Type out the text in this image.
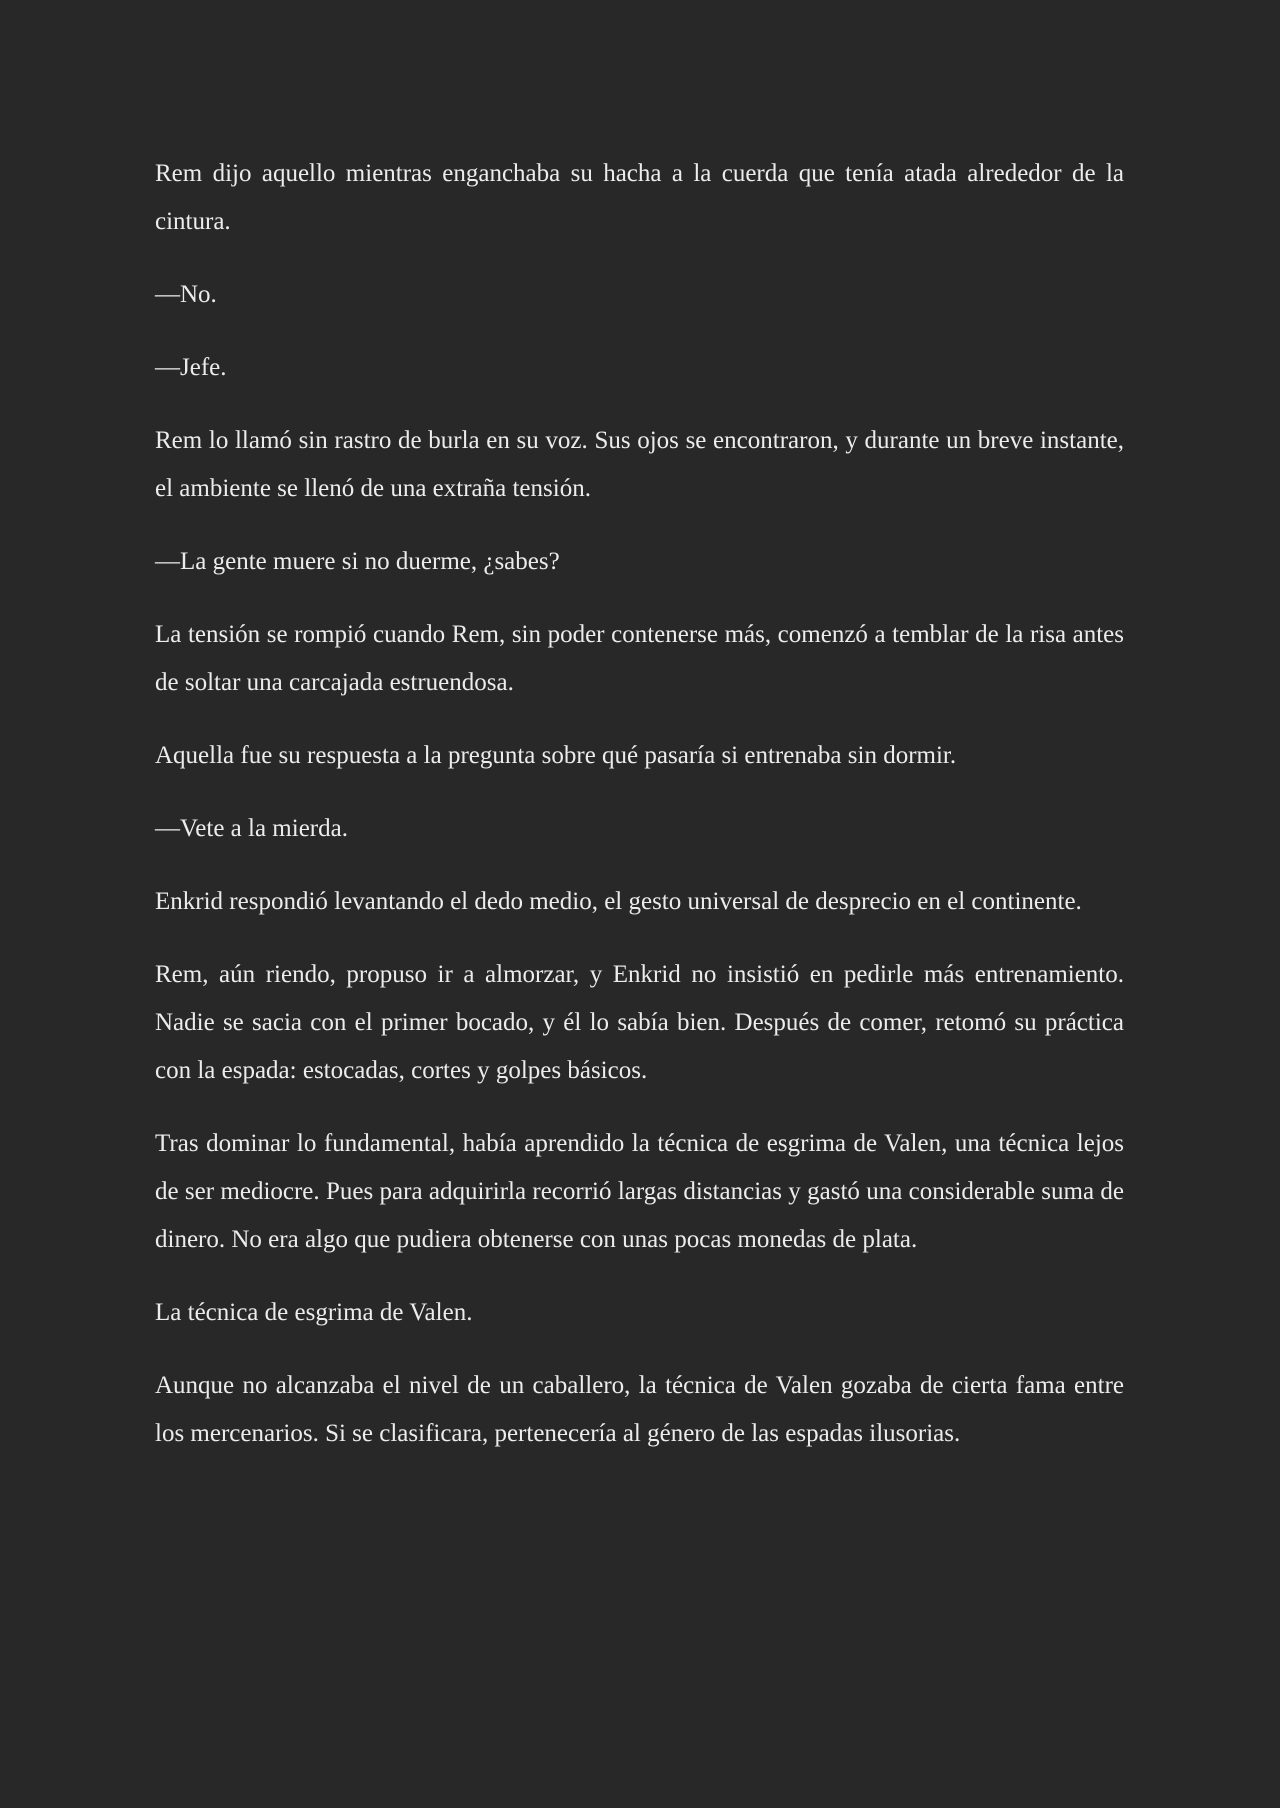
Rem dijo aquello mientras enganchaba su hacha a la cuerda que tenía atada alrededor de la cintura.

—No.

—Jefe.

Rem lo llamó sin rastro de burla en su voz. Sus ojos se encontraron, y durante un breve instante, el ambiente se llenó de una extraña tensión.

—La gente muere si no duerme, ¿sabes?

La tensión se rompió cuando Rem, sin poder contenerse más, comenzó a temblar de la risa antes de soltar una carcajada estruendosa.

Aquella fue su respuesta a la pregunta sobre qué pasaría si entrenaba sin dormir.

—Vete a la mierda.

Enkrid respondió levantando el dedo medio, el gesto universal de desprecio en el continente.

Rem, aún riendo, propuso ir a almorzar, y Enkrid no insistió en pedirle más entrenamiento. Nadie se sacia con el primer bocado, y él lo sabía bien. Después de comer, retomó su práctica con la espada: estocadas, cortes y golpes básicos.

Tras dominar lo fundamental, había aprendido la técnica de esgrima de Valen, una técnica lejos de ser mediocre. Pues para adquirirla recorrió largas distancias y gastó una considerable suma de dinero. No era algo que pudiera obtenerse con unas pocas monedas de plata.

La técnica de esgrima de Valen.

Aunque no alcanzaba el nivel de un caballero, la técnica de Valen gozaba de cierta fama entre los mercenarios. Si se clasificara, pertenecería al género de las espadas ilusorias.
